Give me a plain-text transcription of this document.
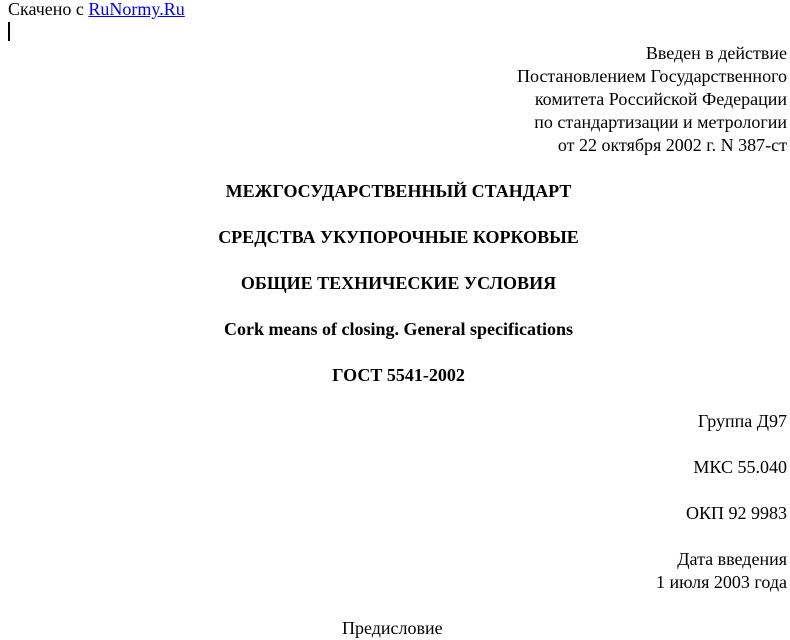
Скачено с RuNormy.Ru
Введен в действие
Постановлением Государственного
комитета Российской Федерации
по стандартизации и метрологии
от 22 октября 2002 г. N 387-ст
МЕЖГОСУДАРСТВЕННЫЙ СТАНДАРТ
СРЕДСТВА УКУПОРОЧНЫЕ КОРКОВЫЕ
ОБЩИЕ ТЕХНИЧЕСКИЕ УСЛОВИЯ
Cork means of closing. General specifications
ГОСТ 5541-2002
Группа Д97
МКС 55.040
ОКП 92 9983
Дата введения
1 июля 2003 года
Предисловие
